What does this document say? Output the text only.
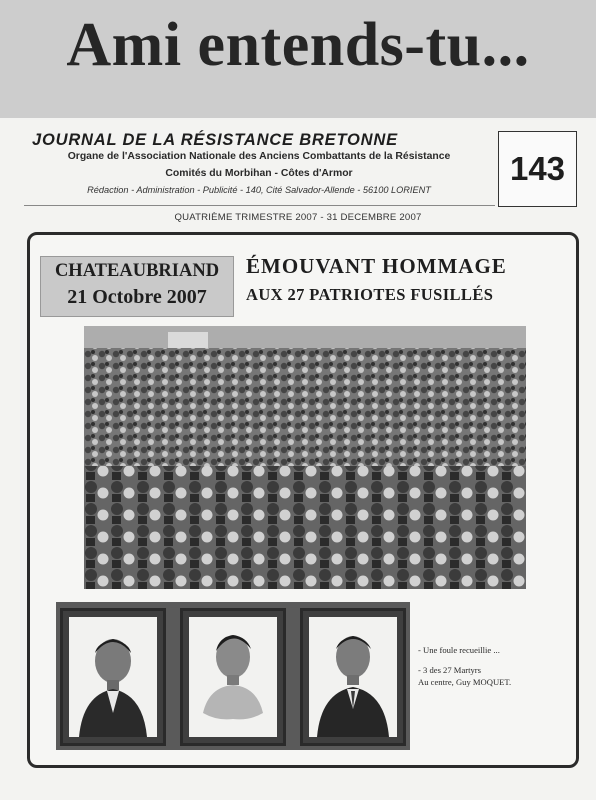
Ami entends-tu...
JOURNAL DE LA RÉSISTANCE BRETONNE
Organe de l'Association Nationale des Anciens Combattants de la Résistance
Comités du Morbihan - Côtes d'Armor
Rédaction - Administration - Publicité - 140, Cité Salvador-Allende - 56100 LORIENT
143
QUATRIÈME TRIMESTRE 2007 - 31 DECEMBRE 2007
CHATEAUBRIAND
21 Octobre 2007
ÉMOUVANT HOMMAGE
AUX 27 PATRIOTES FUSILLÉS
- Une foule recueillie ...
- 3 des 27 Martyrs
Au centre, Guy MOQUET.
